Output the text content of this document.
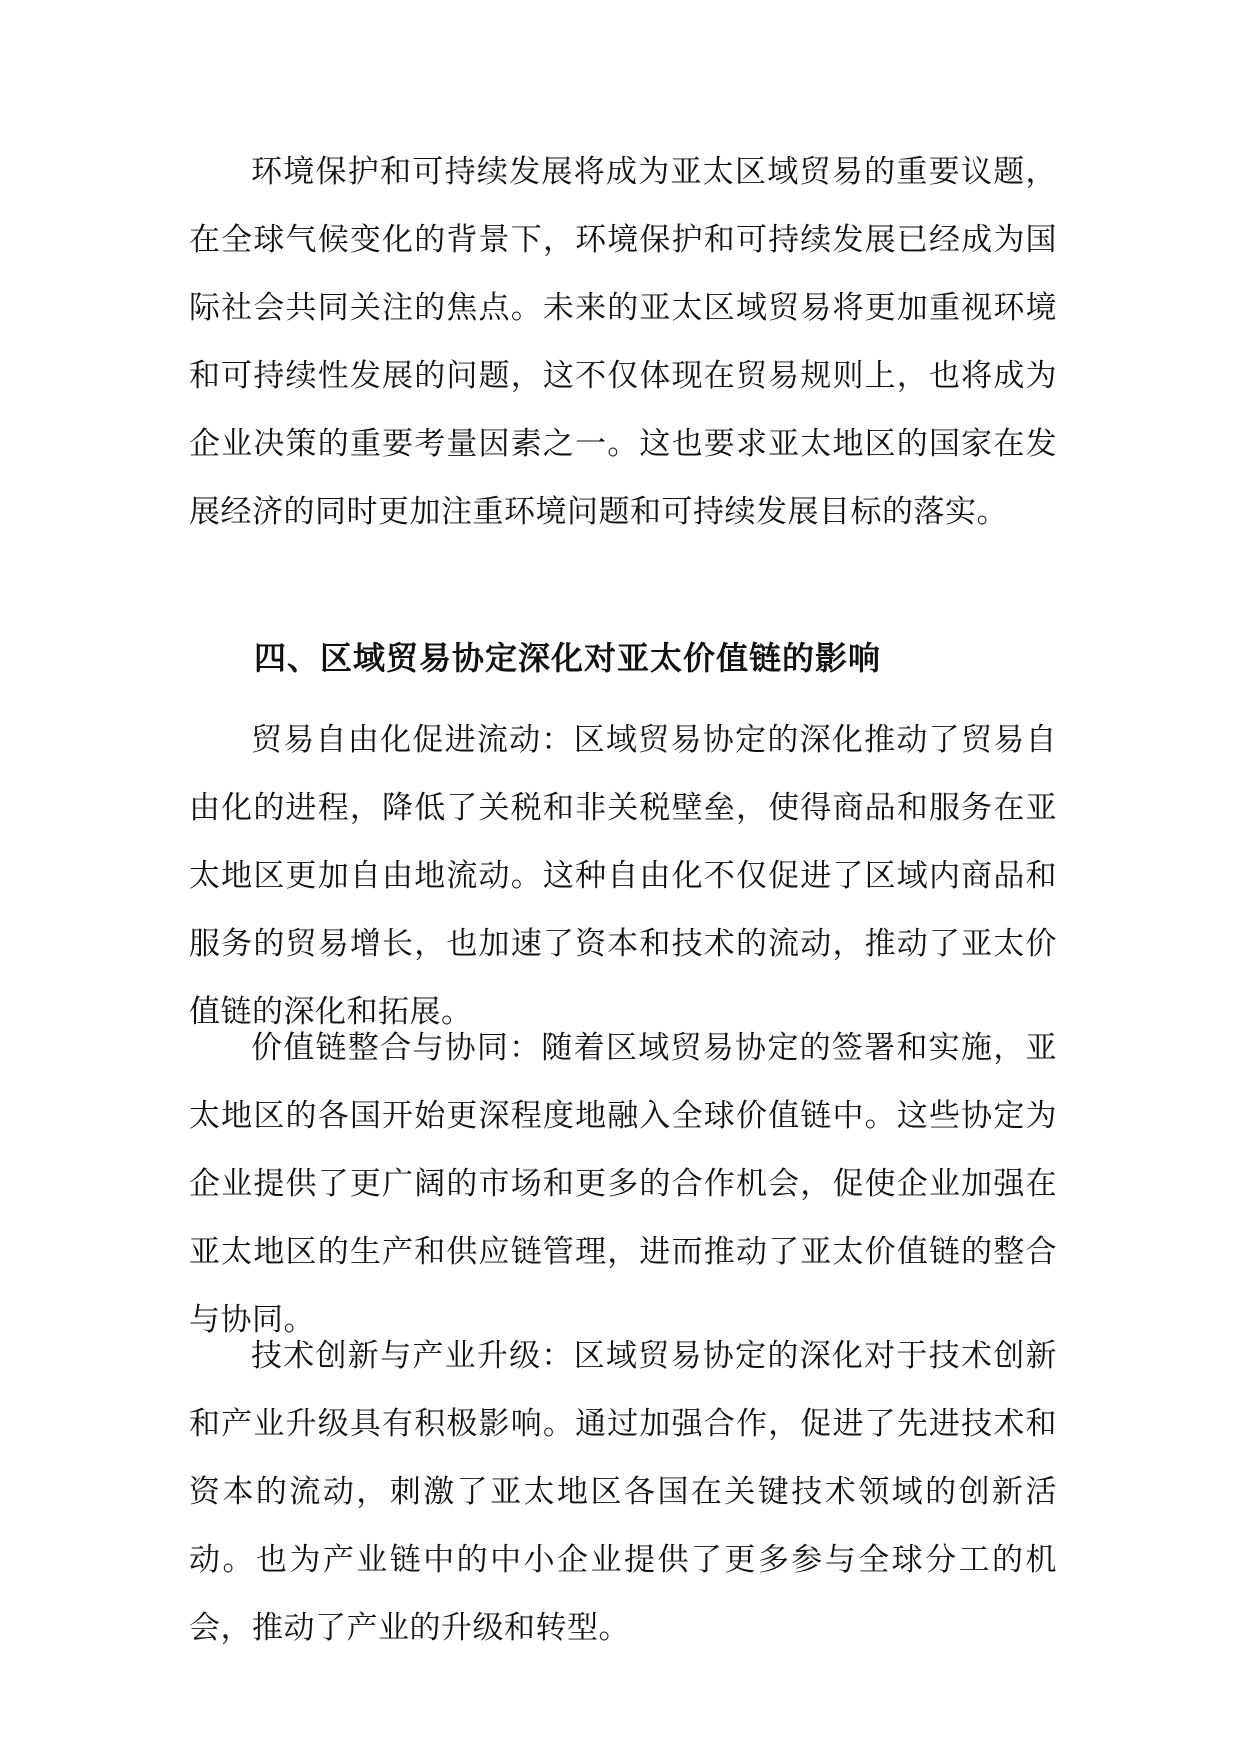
环境保护和可持续发展将成为亚太区域贸易的重要议题，在全球气候变化的背景下，环境保护和可持续发展已经成为国际社会共同关注的焦点。未来的亚太区域贸易将更加重视环境和可持续性发展的问题，这不仅体现在贸易规则上，也将成为企业决策的重要考量因素之一。这也要求亚太地区的国家在发展经济的同时更加注重环境问题和可持续发展目标的落实。

四、区域贸易协定深化对亚太价值链的影响

贸易自由化促进流动：区域贸易协定的深化推动了贸易自由化的进程，降低了关税和非关税壁垒，使得商品和服务在亚太地区更加自由地流动。这种自由化不仅促进了区域内商品和服务的贸易增长，也加速了资本和技术的流动，推动了亚太价值链的深化和拓展。

价值链整合与协同：随着区域贸易协定的签署和实施，亚太地区的各国开始更深程度地融入全球价值链中。这些协定为企业提供了更广阔的市场和更多的合作机会，促使企业加强在亚太地区的生产和供应链管理，进而推动了亚太价值链的整合与协同。

技术创新与产业升级：区域贸易协定的深化对于技术创新和产业升级具有积极影响。通过加强合作，促进了先进技术和资本的流动，刺激了亚太地区各国在关键技术领域的创新活动。也为产业链中的中小企业提供了更多参与全球分工的机会，推动了产业的升级和转型。
